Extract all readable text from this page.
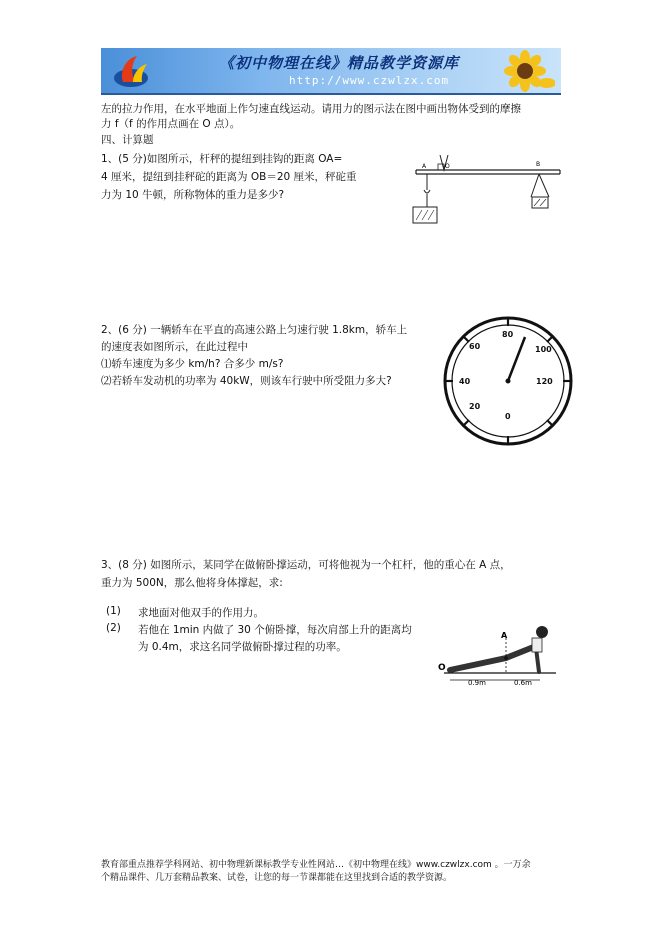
《初中物理在线》精品教学资源库
http://www.czwlzx.com
左的拉力作用，在水平地面上作匀速直线运动。请用力的图示法在图中画出物体受到的摩擦
力 f（f 的作用点画在 O 点）。
四、计算题
1、(5 分)如图所示，杆秤的提纽到挂钩的距离 OA=
4 厘米，提纽到挂秤砣的距离为 OB＝20 厘米，秤砣重
力为 10 牛顿，所称物体的重力是多少?
A	O	B
2、(6 分) 一辆轿车在平直的高速公路上匀速行驶 1.8km，轿车上
的速度表如图所示，在此过程中
⑴轿车速度为多少 km/h? 合多少 m/s?
⑵若轿车发动机的功率为 40kW，则该车行驶中所受阻力多大?
80
100
60
40	120
20
0
3、(8 分) 如图所示，某同学在做俯卧撑运动，可将他视为一个杠杆，他的重心在 A 点，
重力为 500N，那么他将身体撑起，求:
(1) 求地面对他双手的作用力。
(2) 若他在 1min 内做了 30 个俯卧撑，每次肩部上升的距离均
为 0.4m，求这名同学做俯卧撑过程的功率。
A
O
0.9m	0.6m
教育部重点推荐学科网站、初中物理新课标教学专业性网站…《初中物理在线》www.czwlzx.com 。一万余
个精品课件、几万套精品教案、试卷，让您的每一节课都能在这里找到合适的教学资源。
